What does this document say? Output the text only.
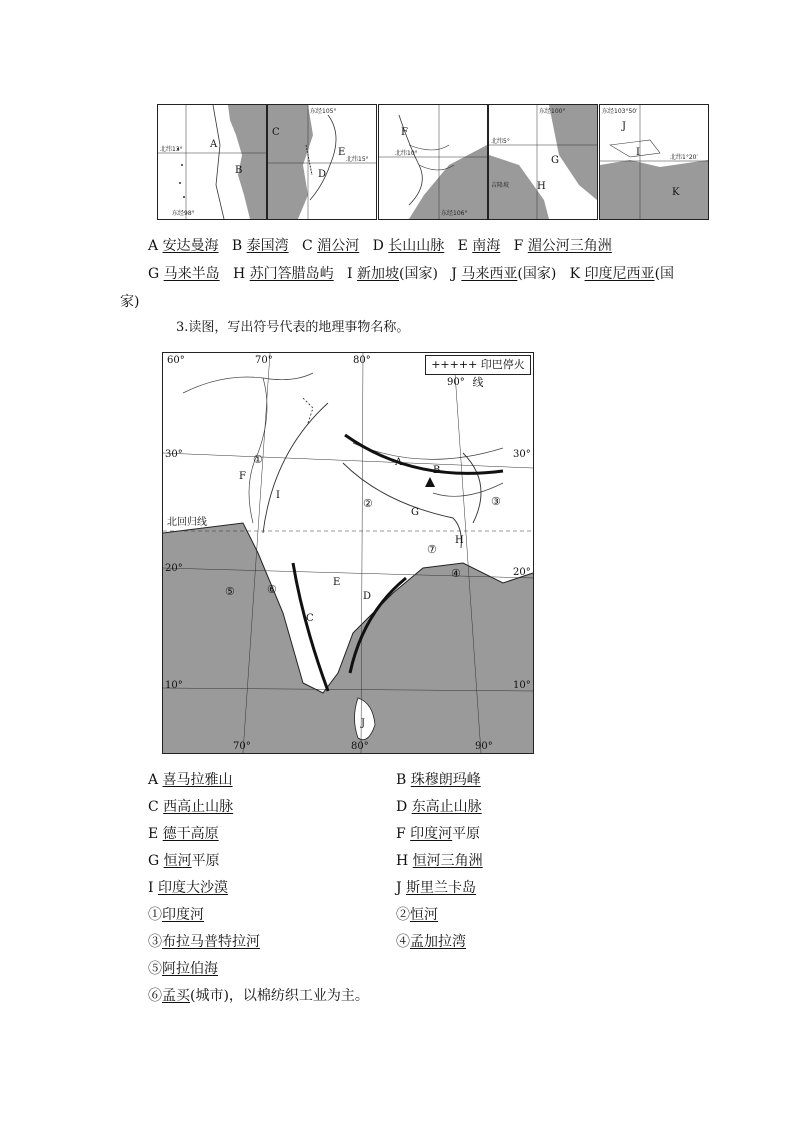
A
B
北纬13°
东经98°
东经105°
C
E
D
北纬15°
F
北纬10°
东经106°
东经100°
北纬5°
G
H
吉隆坡
东经103°50′
J
I
K
北纬1°20′
A 安达曼海 B 泰国湾 C 湄公河 D 长山山脉 E 南海 F 湄公河三角洲
G 马来半岛 H 苏门答腊岛屿 I 新加坡(国家)   J 马来西亚(国家)   K 印度尼西亚(国
家)
3.读图，写出符号代表的地理事物名称。
60°	70°	80°
90°
70°	80°	90°
30°	30°
20°	20°
10°	10°
北回归线
A
B
C
D
E
F
G
H
I
J
①
②	③
④
⑤	⑥
⑦
+++++ 印巴停火线
A 喜马拉雅山	B 珠穆朗玛峰
C 西高止山脉	D 东高止山脉
E 德干高原	F 印度河平原
G 恒河平原	H 恒河三角洲
I 印度大沙漠	J 斯里兰卡岛
①印度河	②恒河
③布拉马普特拉河	④孟加拉湾
⑤阿拉伯海
⑥孟买(城市)，以棉纺织工业为主。
